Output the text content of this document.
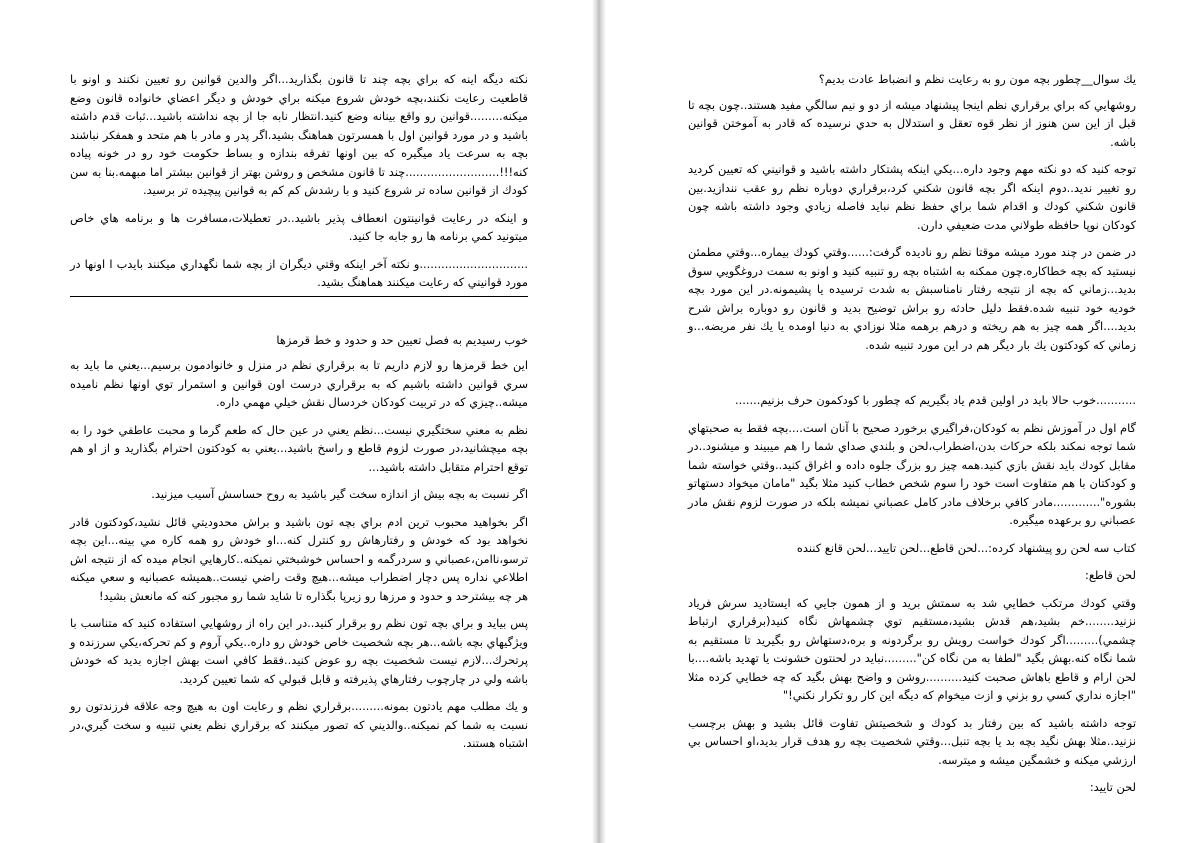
نكته ديگه اينه كه براي بچه چند تا قانون بگذاريد...اگر والدين قوانين رو تعيين نكنند و اونو با قاطعيت رعايت نكنند،بچه خودش شروع ميكنه براي خودش و ديگر اعضاي خانواده قانون وضع ميكنه.........قوانين رو واقع بينانه وضع كنيد.انتظار نابه جا از بچه نداشته باشيد...ثبات قدم داشته باشيد و در مورد قوانين اول با همسرتون هماهنگ بشيد.اگر پدر و مادر با هم متحد و همفكر نباشند بچه به سرعت ياد ميگيره كه بين اونها تفرقه بندازه و بساط حكومت خود رو در خونه پياده كنه!!!..........................چند تا قانون مشخص و روشن بهتر از قوانين بيشتر اما مبهمه.بنا به سن كودك از قوانين ساده تر شروع كنيد و با رشدش كم كم به قوانين پيچيده تر برسيد.

و اينكه در رعايت قوانينتون انعطاف پذير باشيد..در تعطيلات،مسافرت ها و برنامه هاي خاص ميتونيد كمي برنامه ها رو جابه جا كنيد.

..............................و نكته آخر اينكه وقتي ديگران از بچه شما نگهداري ميكنند بايدب ا اونها در مورد قوانيني كه رعايت ميكنند هماهنگ بشيد.

خوب رسيديم به فصل تعيين حد و حدود و خط قرمزها

اين خط قرمزها رو لازم داريم تا به برقراري نظم در منزل و خانوادمون برسيم...يعني ما بايد به سري قوانين داشته باشيم كه به برقراري درست اون قوانين و استمرار توي اونها نظم ناميده ميشه..چيزي كه در تربيت كودكان خردسال نقش خيلي مهمي داره.

نظم به معني سختگيري نيست...نظم يعني در عين حال كه طعم گرما و محبت عاطفي خود را به بچه ميچشانيد،در صورت لزوم قاطع و راسخ باشيد...يعني به كودكتون احترام بگذاريد و از او هم توقع احترام متقابل داشته باشيد...

اگر نسبت به بچه بيش از اندازه سخت گير باشيد به روح حساسش آسيب ميزنيد.

اگر بخواهيد محبوب ترين ادم براي بچه تون باشيد و براش محدوديتي قائل نشيد،كودكتون قادر نخواهد بود كه خودش و رفتارهاش رو كنترل كنه...او خودش رو همه كاره مي بينه...اين بچه ترسو،ناامن،عصباني و سردرگمه و احساس خوشبختي نميكنه..كارهايي انجام ميده كه از نتيجه اش اطلاعي نداره پس دچار اضطراب ميشه...هيچ وقت راضي نيست..هميشه عصبانيه و سعي ميكنه هر چه بيشترحد و حدود و مرزها رو زيرپا بگذاره تا شايد شما رو مجبور كنه كه مانعش بشيد!

پس بيايد و براي بچه تون نظم رو برقرار كنيد..در اين راه از روشهايي استفاده كنيد كه متناسب با ويژگيهاي بچه باشه...هر بچه شخصيت خاص خودش رو داره..يكي آروم و كم تحركه،يكي سرزنده و پرتحرك...لازم نيست شخصيت بچه رو عوض كنيد..فقط كافي است بهش اجازه بديد كه خودش باشه ولي در چارچوب رفتارهاي پذيرفته و قابل قبولي كه شما تعيين كرديد.

و يك مطلب مهم يادتون بمونه.........برقراري نظم و رعايت اون به هيچ وجه علاقه فرزندتون رو نسبت به شما كم نميكنه..والديني كه تصور ميكنند كه برقراري نظم يعني تنبيه و سخت گيري،در اشتباه هستند.

يك سوال__چطور بچه مون رو به رعايت نظم و انضباط عادت بديم؟

روشهايي كه براي برقراري نظم اينجا پيشنهاد ميشه از دو و نيم سالگي مفيد هستند..چون بچه تا قبل از اين سن هنوز از نظر قوه تعقل و استدلال به حدي نرسيده كه قادر به آموختن قوانين باشه.

توجه كنيد كه دو نكته مهم وجود داره...يكي اينكه پشتكار داشته باشيد و قوانيني كه تعيين كرديد رو تغيير نديد..دوم اينكه اگر بچه قانون شكني كرد،برقراري دوباره نظم رو عقب نندازيد.بين قانون شكني كودك و اقدام شما براي حفظ نظم نبايد فاصله زيادي وجود داشته باشه چون كودكان نوپا حافظه طولاني مدت ضعيفي دارن.

در ضمن در چند مورد ميشه موقتا نظم رو ناديده گرفت:......وقتي كودك بيماره...وقتي مطمئن نيستيد كه بچه خطاكاره.چون ممكنه به اشتباه بچه رو تنبيه كنيد و اونو به سمت دروغگويي سوق بديد...زماني كه بچه از نتيجه رفتار نامناسبش به شدت ترسيده يا پشيمونه.در اين مورد بچه خوديه خود تنبيه شده.فقط دليل حادثه رو براش توضيح بديد و قانون رو دوباره براش شرح بديد....اگر همه چيز به هم ريخته و درهم برهمه مثلا نوزادي به دنيا اومده يا يك نفر مريضه...و زماني كه كودكتون يك بار ديگر هم در اين مورد تنبيه شده.

...........خوب حالا بايد در اولين قدم ياد بگيريم كه چطور با كودكمون حرف بزنيم.......

گام اول در آموزش نظم به كودكان،فراگيري برخورد صحيح با آنان است....بچه فقط به صحبتهاي شما توجه نمكند بلكه حركات بدن،اضطراب،لحن و بلندي صداي شما را هم ميبيند و ميشنود..در مقابل كودك بايد نقش بازي كنيد.همه چيز رو بزرگ جلوه داده و اغراق كنيد..وقتي خواسته شما و كودكتان با هم متفاوت است خود را سوم شخص خطاب كنيد مثلا بگيد "مامان ميخواد دستهاتو بشوره".............مادر كافي برخلاف مادر كامل عصباني نميشه بلكه در صورت لزوم نقش مادر عصباني رو برعهده ميگيره.

كتاب سه لحن رو پيشنهاد كرده:...لحن قاطع...لحن تاييد...لحن قانع كننده

لحن قاطع:

وقتي كودك مرتكب خطايي شد به سمتش بريد و از همون جايي كه ايستاديد سرش فرياد نزنيد........خم بشيد،هم قدش بشيد،مستقيم توي چشمهاش نگاه كنيد(برقراري ارتباط چشمي).........اگر كودك خواست رويش رو برگردونه و بره،دستهاش رو بگيريد تا مستقيم به شما نگاه كنه.بهش بگيد "لطفا به من نگاه كن".........نبايد در لحنتون خشونت يا تهديد باشه....با لحن ارام و قاطع باهاش صحبت كنيد..........روشن و واضح بهش بگيد كه چه خطايي كرده مثلا "اجازه نداري كسي رو بزني و ازت ميخوام كه ديگه اين كار رو تكرار نكني!"

توجه داشته باشيد كه بين رفتار بد كودك و شخصيتش تفاوت قائل بشيد و بهش برچسب نزنيد..مثلا بهش نگيد بچه بد يا بچه تنبل...وقتي شخصيت بچه رو هدف قرار بديد،او احساس بي ارزشي ميكنه و خشمگين ميشه و ميترسه.

لحن تاييد:
